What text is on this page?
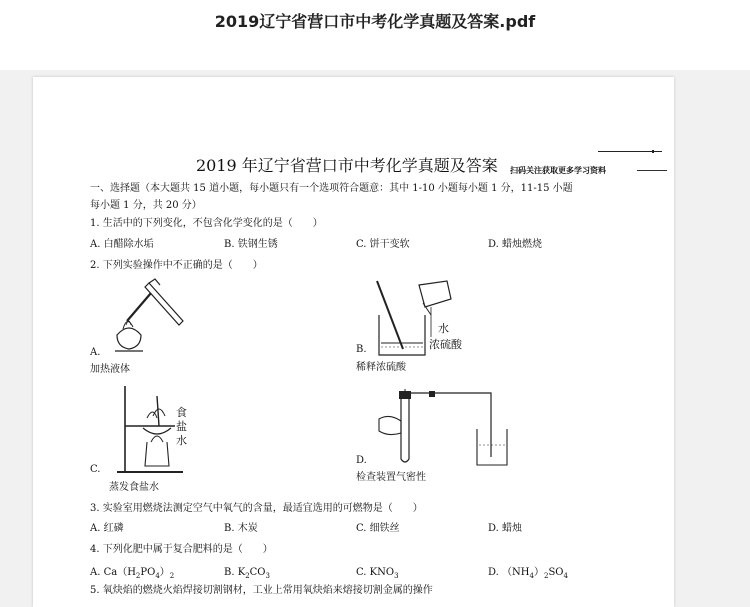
2019辽宁省营口市中考化学真题及答案.pdf
2019 年辽宁省营口市中考化学真题及答案 扫码关注获取更多学习资料
一、选择题（本大题共 15 道小题，每小题只有一个选项符合题意：其中 1-10 小题每小题 1 分，11-15 小题
每小题 1 分，共 20 分）
1. 生活中的下列变化，不包含化学变化的是（　　）
A. 白醋除水垢	B. 铁钢生锈	C. 饼干变软	D. 蜡烛燃烧
2. 下列实验操作中不正确的是（　　）
A.
加热液体
水
浓硫酸
B.
稀释浓硫酸
食
盐
水
C.
蒸发食盐水
D.
检查装置气密性
3. 实验室用燃烧法测定空气中氧气的含量，最适宜选用的可燃物是（　　）
A. 红磷	B. 木炭	C. 细铁丝	D. 蜡烛
4. 下列化肥中属于复合肥料的是（　　）
A. $Ca(H_2PO_4)_2$	B. $K_2CO_3$	C. $KNO_3$	D. $(NH_4)_2SO_4$
5. 氧炔焰的燃烧火焰焊接切割钢材，工业上常用氧炔焰来熔接切割金属的操作
